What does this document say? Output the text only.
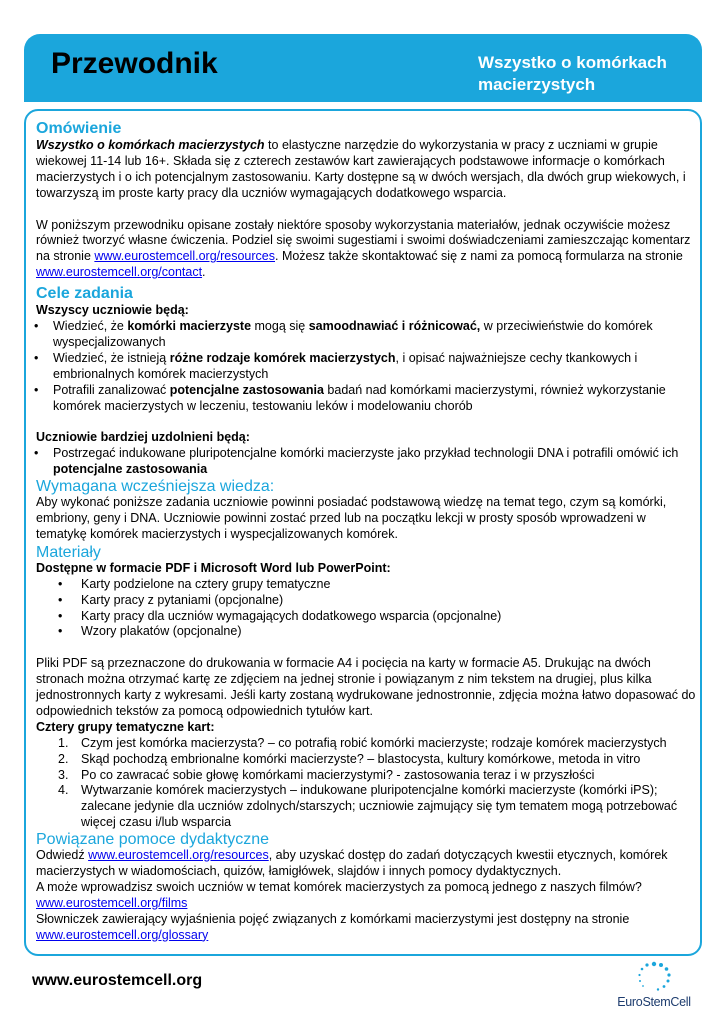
Przewodnik	Wszystko o komórkach macierzystych
Omówienie

Wszystko o komórkach macierzystych to elastyczne narzędzie do wykorzystania w pracy z uczniami w grupie wiekowej 11-14 lub 16+. Składa się z czterech zestawów kart zawierających podstawowe informacje o komórkach macierzystych i o ich potencjalnym zastosowaniu. Karty dostępne są w dwóch wersjach, dla dwóch grup wiekowych, i towarzyszą im proste karty pracy dla uczniów wymagających dodatkowego wsparcia.

W poniższym przewodniku opisane zostały niektóre sposoby wykorzystania materiałów, jednak oczywiście możesz również tworzyć własne ćwiczenia. Podziel się swoimi sugestiami i swoimi doświadczeniami zamieszczając komentarz na stronie www.eurostemcell.org/resources. Możesz także skontaktować się z nami za pomocą formularza na stronie www.eurostemcell.org/contact.

Cele zadania

Wszyscy uczniowie będą:

• Wiedzieć, że komórki macierzyste mogą się samoodnawiać i różnicować, w przeciwieństwie do komórek wyspecjalizowanych
• Wiedzieć, że istnieją różne rodzaje komórek macierzystych, i opisać najważniejsze cechy tkankowych i embrionalnych komórek macierzystych
• Potrafili zanalizować potencjalne zastosowania badań nad komórkami macierzystymi, również wykorzystanie komórek macierzystych w leczeniu, testowaniu leków i modelowaniu chorób

Uczniowie bardziej uzdolnieni będą:

• Postrzegać indukowane pluripotencjalne komórki macierzyste jako przykład technologii DNA i potrafili omówić ich potencjalne zastosowania
Wymagana wcześniejsza wiedza:

Aby wykonać poniższe zadania uczniowie powinni posiadać podstawową wiedzę na temat tego, czym są komórki, embriony, geny i DNA. Uczniowie powinni zostać przed lub na początku lekcji w prosty sposób wprowadzeni w tematykę komórek macierzystych i wyspecjalizowanych komórek.

Materiały

Dostępne w formacie PDF i Microsoft Word lub PowerPoint:

• Karty podzielone na cztery grupy tematyczne
• Karty pracy z pytaniami (opcjonalne)
• Karty pracy dla uczniów wymagających dodatkowego wsparcia (opcjonalne)
• Wzory plakatów (opcjonalne)

Pliki PDF są przeznaczone do drukowania w formacie A4 i pocięcia na karty w formacie A5. Drukując na dwóch stronach można otrzymać kartę ze zdjęciem na jednej stronie i powiązanym z nim tekstem na drugiej, plus kilka jednostronnych karty z wykresami. Jeśli karty zostaną wydrukowane jednostronnie, zdjęcia można łatwo dopasować do odpowiednich tekstów za pomocą odpowiednich tytułów kart.

Cztery grupy tematyczne kart:

1. Czym jest komórka macierzysta? – co potrafią robić komórki macierzyste; rodzaje komórek macierzystych
2. Skąd pochodzą embrionalne komórki macierzyste? – blastocysta, kultury komórkowe, metoda in vitro
3. Po co zawracać sobie głowę komórkami macierzystymi? - zastosowania teraz i w przyszłości
4. Wytwarzanie komórek macierzystych – indukowane pluripotencjalne komórki macierzyste (komórki iPS); zalecane jedynie dla uczniów zdolnych/starszych; uczniowie zajmujący się tym tematem mogą potrzebować więcej czasu i/lub wsparcia
Powiązane pomoce dydaktyczne

Odwiedź www.eurostemcell.org/resources, aby uzyskać dostęp do zadań dotyczących kwestii etycznych, komórek macierzystych w wiadomościach, quizów, łamigłówek, slajdów i innych pomocy dydaktycznych.

A może wprowadzisz swoich uczniów w temat komórek macierzystych za pomocą jednego z naszych filmów?

www.eurostemcell.org/films

Słowniczek zawierający wyjaśnienia pojęć związanych z komórkami macierzystymi jest dostępny na stronie

www.eurostemcell.org/glossary

www.eurostemcell.org
EuroStemCell
